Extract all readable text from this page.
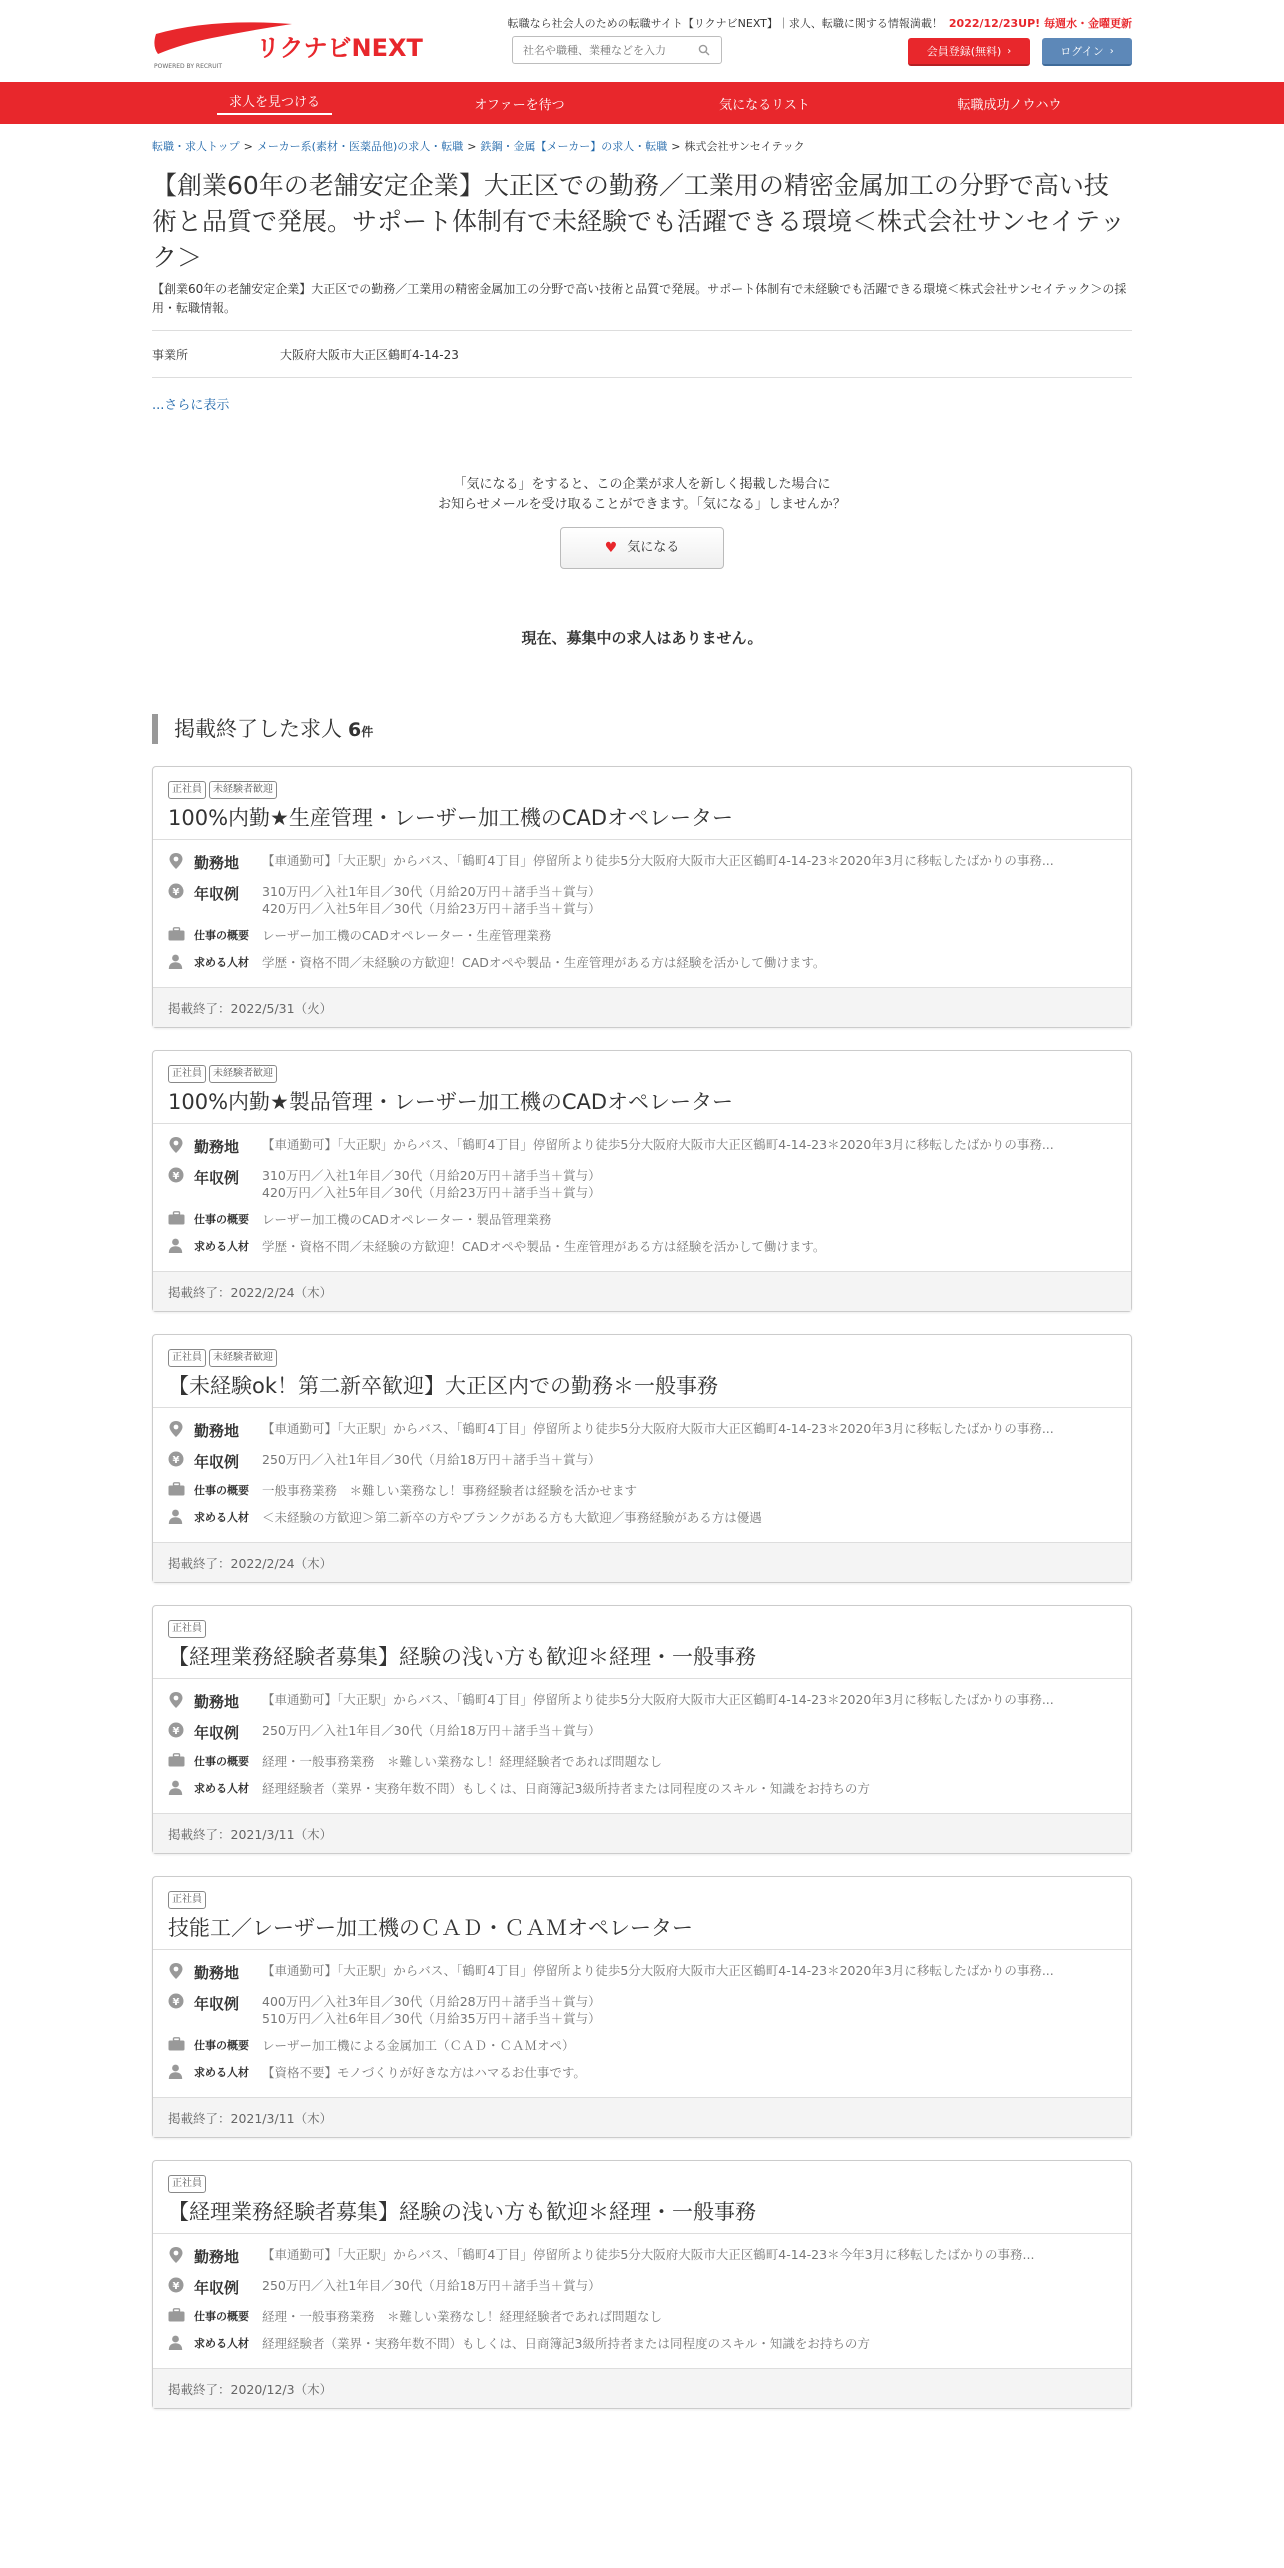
リクナビNEXT
POWERED BY RECRUIT
転職なら社会人のための転職サイト【リクナビNEXT】｜求人、転職に関する情報満載！ 2022/12/23UP! 毎週水・金曜更新
社名や職種、業種などを入力
会員登録(無料) ›	ログイン ›
求人を見つける	オファーを待つ	気になるリスト	転職成功ノウハウ
転職・求人トップ > メーカー系(素材・医薬品他)の求人・転職 > 鉄鋼・金属【メーカー】の求人・転職 > 株式会社サンセイテック
【創業60年の老舗安定企業】大正区での勤務／工業用の精密金属加工の分野で高い技術と品質で発展。サポート体制有で未経験でも活躍できる環境＜株式会社サンセイテック＞

【創業60年の老舗安定企業】大正区での勤務／工業用の精密金属加工の分野で高い技術と品質で発展。サポート体制有で未経験でも活躍できる環境＜株式会社サンセイテック＞の採用・転職情報。

事業所	大阪府大阪市大正区鶴町4-14-23
...さらに表示
「気になる」をすると、この企業が求人を新しく掲載した場合に
お知らせメールを受け取ることができます。「気になる」しませんか？
♥ 気になる
現在、募集中の求人はありません。
掲載終了した求人 6件
正社員	未経験者歓迎
100%内勤★生産管理・レーザー加工機のCADオペレーター
勤務地 【車通勤可】「大正駅」からバス、「鶴町4丁目」停留所より徒歩5分大阪府大阪市大正区鶴町4-14-23＊2020年3月に移転したばかりの事務...
¥ 年収例 310万円／入社1年目／30代（月給20万円＋諸手当＋賞与）
420万円／入社5年目／30代（月給23万円＋諸手当＋賞与）
仕事の概要 レーザー加工機のCADオペレーター・生産管理業務
求める人材 学歴・資格不問／未経験の方歓迎！CADオペや製品・生産管理がある方は経験を活かして働けます。
掲載終了：2022/5/31（火）
正社員	未経験者歓迎
100%内勤★製品管理・レーザー加工機のCADオペレーター
勤務地 【車通勤可】「大正駅」からバス、「鶴町4丁目」停留所より徒歩5分大阪府大阪市大正区鶴町4-14-23＊2020年3月に移転したばかりの事務...
¥ 年収例 310万円／入社1年目／30代（月給20万円＋諸手当＋賞与）
420万円／入社5年目／30代（月給23万円＋諸手当＋賞与）
仕事の概要 レーザー加工機のCADオペレーター・製品管理業務
求める人材 学歴・資格不問／未経験の方歓迎！CADオペや製品・生産管理がある方は経験を活かして働けます。
掲載終了：2022/2/24（木）
正社員	未経験者歓迎
【未経験ok！第二新卒歓迎】大正区内での勤務＊一般事務
勤務地 【車通勤可】「大正駅」からバス、「鶴町4丁目」停留所より徒歩5分大阪府大阪市大正区鶴町4-14-23＊2020年3月に移転したばかりの事務...
¥ 年収例 250万円／入社1年目／30代（月給18万円＋諸手当＋賞与）
仕事の概要 一般事務業務　＊難しい業務なし！事務経験者は経験を活かせます
求める人材 ＜未経験の方歓迎＞第二新卒の方やブランクがある方も大歓迎／事務経験がある方は優遇
掲載終了：2022/2/24（木）
正社員
【経理業務経験者募集】経験の浅い方も歓迎＊経理・一般事務
勤務地 【車通勤可】「大正駅」からバス、「鶴町4丁目」停留所より徒歩5分大阪府大阪市大正区鶴町4-14-23＊2020年3月に移転したばかりの事務...
¥ 年収例 250万円／入社1年目／30代（月給18万円＋諸手当＋賞与）
仕事の概要 経理・一般事務業務　＊難しい業務なし！経理経験者であれば問題なし
求める人材 経理経験者（業界・実務年数不問）もしくは、日商簿記3級所持者または同程度のスキル・知識をお持ちの方
掲載終了：2021/3/11（木）
正社員
技能工／レーザー加工機のＣＡＤ・ＣＡＭオペレーター
勤務地 【車通勤可】「大正駅」からバス、「鶴町4丁目」停留所より徒歩5分大阪府大阪市大正区鶴町4-14-23＊2020年3月に移転したばかりの事務...
¥ 年収例 400万円／入社3年目／30代（月給28万円＋諸手当＋賞与）
510万円／入社6年目／30代（月給35万円＋諸手当＋賞与）
仕事の概要 レーザー加工機による金属加工（ＣＡＤ・ＣＡＭオペ）
求める人材 【資格不要】モノづくりが好きな方はハマるお仕事です。
掲載終了：2021/3/11（木）
正社員
【経理業務経験者募集】経験の浅い方も歓迎＊経理・一般事務
勤務地 【車通勤可】「大正駅」からバス、「鶴町4丁目」停留所より徒歩5分大阪府大阪市大正区鶴町4-14-23＊今年3月に移転したばかりの事務...
¥ 年収例 250万円／入社1年目／30代（月給18万円＋諸手当＋賞与）
仕事の概要 経理・一般事務業務　＊難しい業務なし！経理経験者であれば問題なし
求める人材 経理経験者（業界・実務年数不問）もしくは、日商簿記3級所持者または同程度のスキル・知識をお持ちの方
掲載終了：2020/12/3（木）
